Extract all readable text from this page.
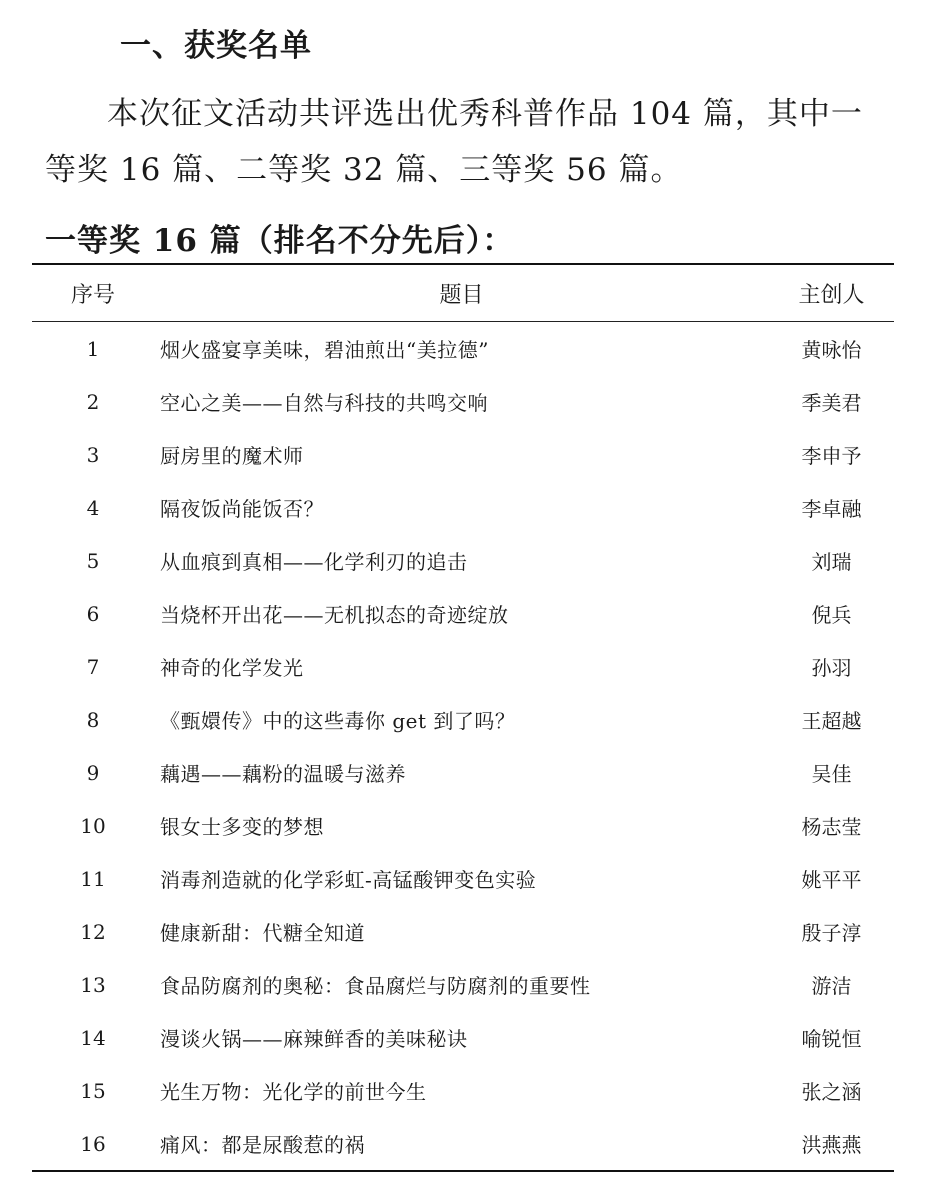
一、获奖名单

本次征文活动共评选出优秀科普作品 104 篇，其中一等奖 16 篇、二等奖 32 篇、三等奖 56 篇。

一等奖 16 篇（排名不分先后）：
序号	题目	主创人
1	烟火盛宴享美味，碧油煎出“美拉德”	黄咏怡
2	空心之美——自然与科技的共鸣交响	季美君
3	厨房里的魔术师	李申予
4	隔夜饭尚能饭否？	李卓融
5	从血痕到真相——化学利刃的追击	刘瑞
6	当烧杯开出花——无机拟态的奇迹绽放	倪兵
7	神奇的化学发光	孙羽
8	《甄嬛传》中的这些毒你 get 到了吗？	王超越
9	藕遇——藕粉的温暖与滋养	吴佳
10	银女士多变的梦想	杨志莹
11	消毒剂造就的化学彩虹-高锰酸钾变色实验	姚平平
12	健康新甜：代糖全知道	殷子淳
13	食品防腐剂的奥秘：食品腐烂与防腐剂的重要性	游洁
14	漫谈火锅——麻辣鲜香的美味秘诀	喻锐恒
15	光生万物：光化学的前世今生	张之涵
16	痛风：都是尿酸惹的祸	洪燕燕
